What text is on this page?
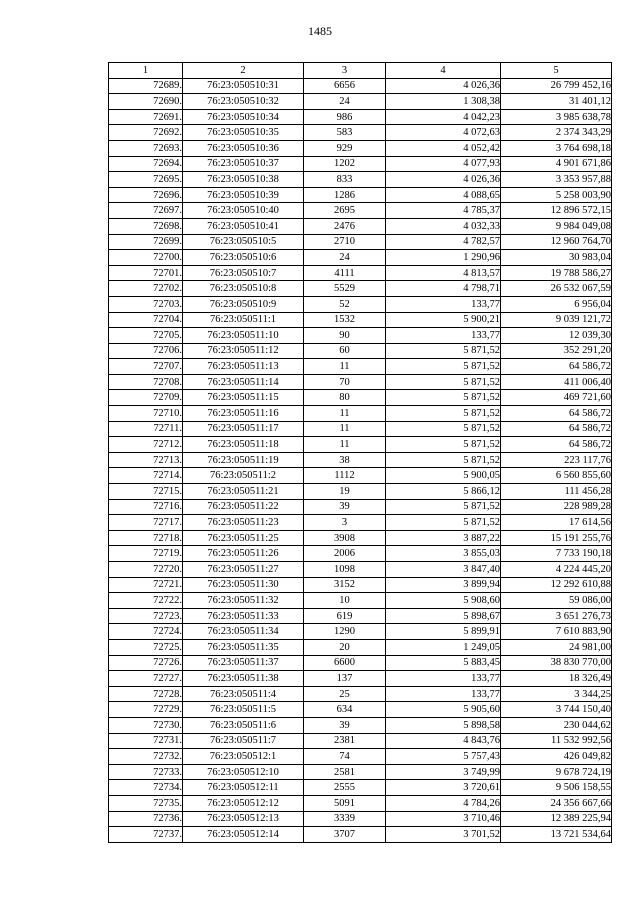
1485
1	2	3	4	5
72689.	76:23:050510:31	6656	4 026,36	26 799 452,16
72690.	76:23:050510:32	24	1 308,38	31 401,12
72691.	76:23:050510:34	986	4 042,23	3 985 638,78
72692.	76:23:050510:35	583	4 072,63	2 374 343,29
72693.	76:23:050510:36	929	4 052,42	3 764 698,18
72694.	76:23:050510:37	1202	4 077,93	4 901 671,86
72695.	76:23:050510:38	833	4 026,36	3 353 957,88
72696.	76:23:050510:39	1286	4 088,65	5 258 003,90
72697.	76:23:050510:40	2695	4 785,37	12 896 572,15
72698.	76:23:050510:41	2476	4 032,33	9 984 049,08
72699.	76:23:050510:5	2710	4 782,57	12 960 764,70
72700.	76:23:050510:6	24	1 290,96	30 983,04
72701.	76:23:050510:7	4111	4 813,57	19 788 586,27
72702.	76:23:050510:8	5529	4 798,71	26 532 067,59
72703.	76:23:050510:9	52	133,77	6 956,04
72704.	76:23:050511:1	1532	5 900,21	9 039 121,72
72705.	76:23:050511:10	90	133,77	12 039,30
72706.	76:23:050511:12	60	5 871,52	352 291,20
72707.	76:23:050511:13	11	5 871,52	64 586,72
72708.	76:23:050511:14	70	5 871,52	411 006,40
72709.	76:23:050511:15	80	5 871,52	469 721,60
72710.	76:23:050511:16	11	5 871,52	64 586,72
72711.	76:23:050511:17	11	5 871,52	64 586,72
72712.	76:23:050511:18	11	5 871,52	64 586,72
72713.	76:23:050511:19	38	5 871,52	223 117,76
72714.	76:23:050511:2	1112	5 900,05	6 560 855,60
72715.	76:23:050511:21	19	5 866,12	111 456,28
72716.	76:23:050511:22	39	5 871,52	228 989,28
72717.	76:23:050511:23	3	5 871,52	17 614,56
72718.	76:23:050511:25	3908	3 887,22	15 191 255,76
72719.	76:23:050511:26	2006	3 855,03	7 733 190,18
72720.	76:23:050511:27	1098	3 847,40	4 224 445,20
72721.	76:23:050511:30	3152	3 899,94	12 292 610,88
72722.	76:23:050511:32	10	5 908,60	59 086,00
72723.	76:23:050511:33	619	5 898,67	3 651 276,73
72724.	76:23:050511:34	1290	5 899,91	7 610 883,90
72725.	76:23:050511:35	20	1 249,05	24 981,00
72726.	76:23:050511:37	6600	5 883,45	38 830 770,00
72727.	76:23:050511:38	137	133,77	18 326,49
72728.	76:23:050511:4	25	133,77	3 344,25
72729.	76:23:050511:5	634	5 905,60	3 744 150,40
72730.	76:23:050511:6	39	5 898,58	230 044,62
72731.	76:23:050511:7	2381	4 843,76	11 532 992,56
72732.	76:23:050512:1	74	5 757,43	426 049,82
72733.	76:23:050512:10	2581	3 749,99	9 678 724,19
72734.	76:23:050512:11	2555	3 720,61	9 506 158,55
72735.	76:23:050512:12	5091	4 784,26	24 356 667,66
72736.	76:23:050512:13	3339	3 710,46	12 389 225,94
72737.	76:23:050512:14	3707	3 701,52	13 721 534,64
